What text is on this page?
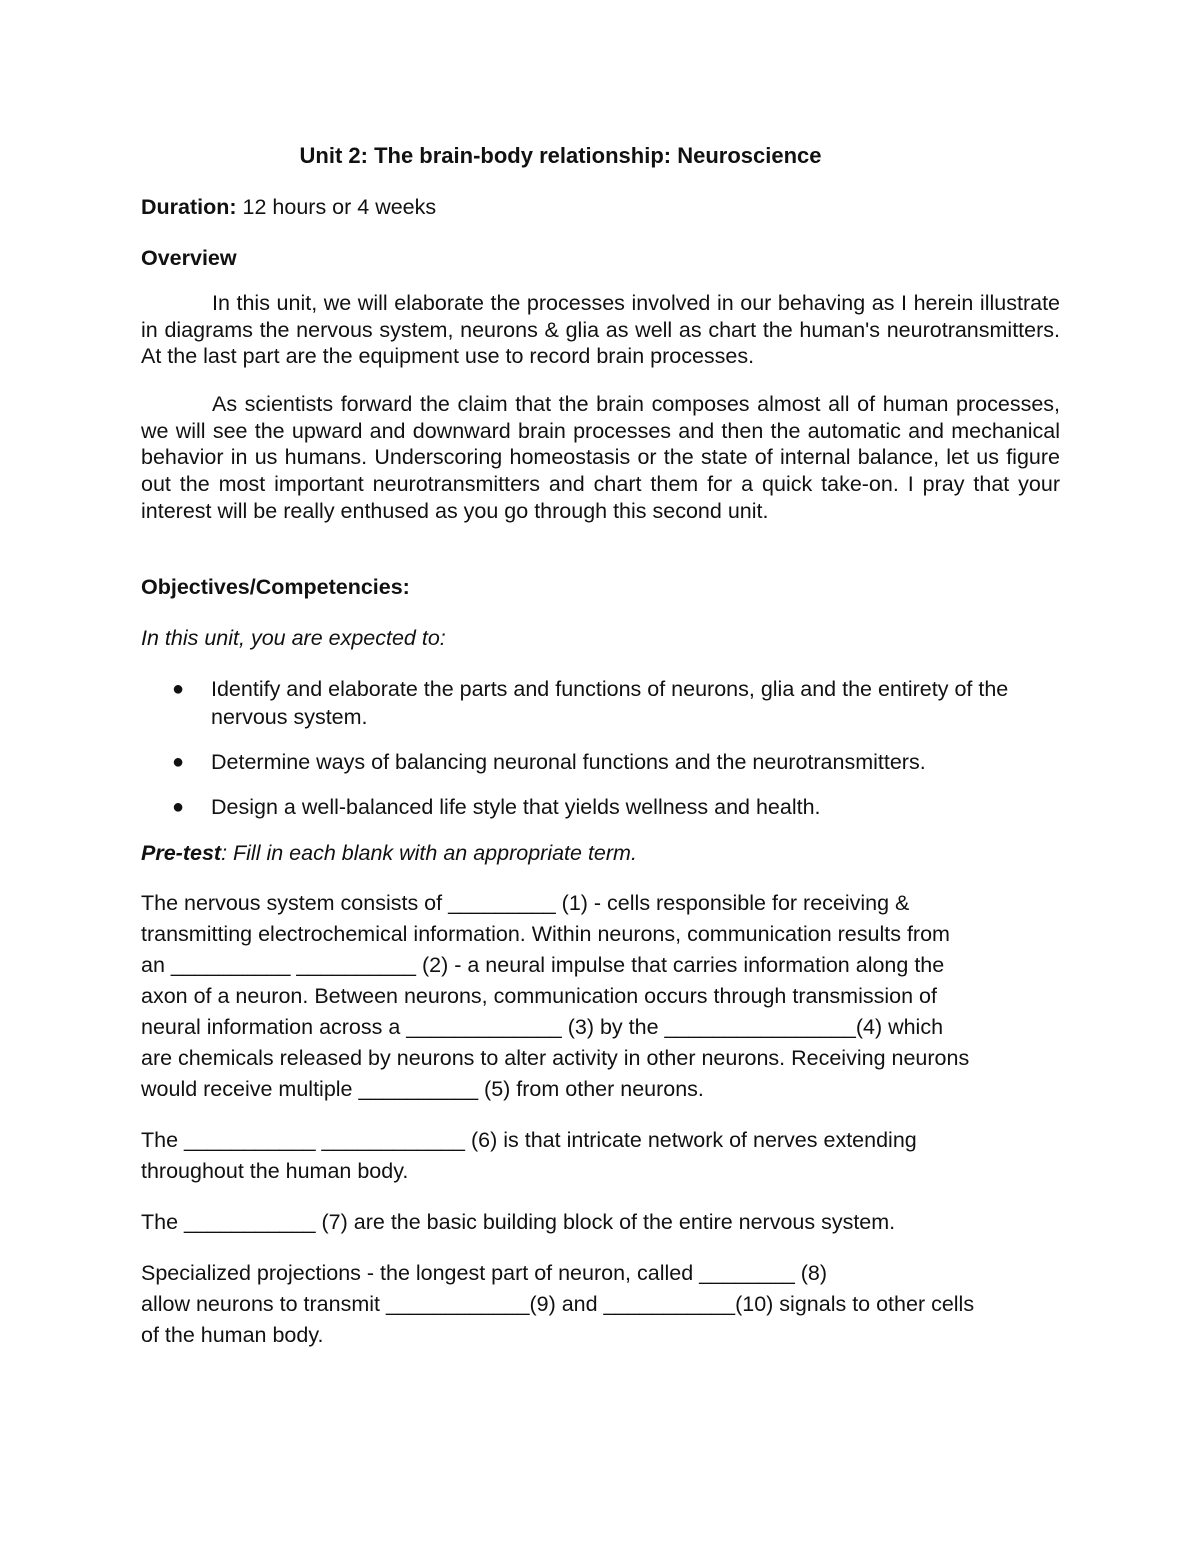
Unit 2: The brain-body relationship: Neuroscience

Duration: 12 hours or 4 weeks

Overview

In this unit, we will elaborate the processes involved in our behaving as I herein illustrate in diagrams the nervous system, neurons & glia as well as chart the human's neurotransmitters. At the last part are the equipment use to record brain processes.

As scientists forward the claim that the brain composes almost all of human processes, we will see the upward and downward brain processes and then the automatic and mechanical behavior in us humans. Underscoring homeostasis or the state of internal balance, let us figure out the most important neurotransmitters and chart them for a quick take-on. I pray that your interest will be really enthused as you go through this second unit.

Objectives/Competencies:

In this unit, you are expected to:

● Identify and elaborate the parts and functions of neurons, glia and the entirety of the nervous system.
● Determine ways of balancing neuronal functions and the neurotransmitters.
● Design a well-balanced life style that yields wellness and health.

Pre-test: Fill in each blank with an appropriate term.

The nervous system consists of _________ (1) - cells responsible for receiving &
transmitting electrochemical information. Within neurons, communication results from
an __________ __________ (2) - a neural impulse that carries information along the
axon of a neuron. Between neurons, communication occurs through transmission of
neural information across a _____________ (3) by the ________________(4) which
are chemicals released by neurons to alter activity in other neurons. Receiving neurons
would receive multiple __________ (5) from other neurons.
The ___________ ____________ (6) is that intricate network of nerves extending
throughout the human body.
The ___________ (7) are the basic building block of the entire nervous system.
Specialized projections - the longest part of neuron, called ________ (8)
allow neurons to transmit ____________(9) and ___________(10) signals to other cells
of the human body.
